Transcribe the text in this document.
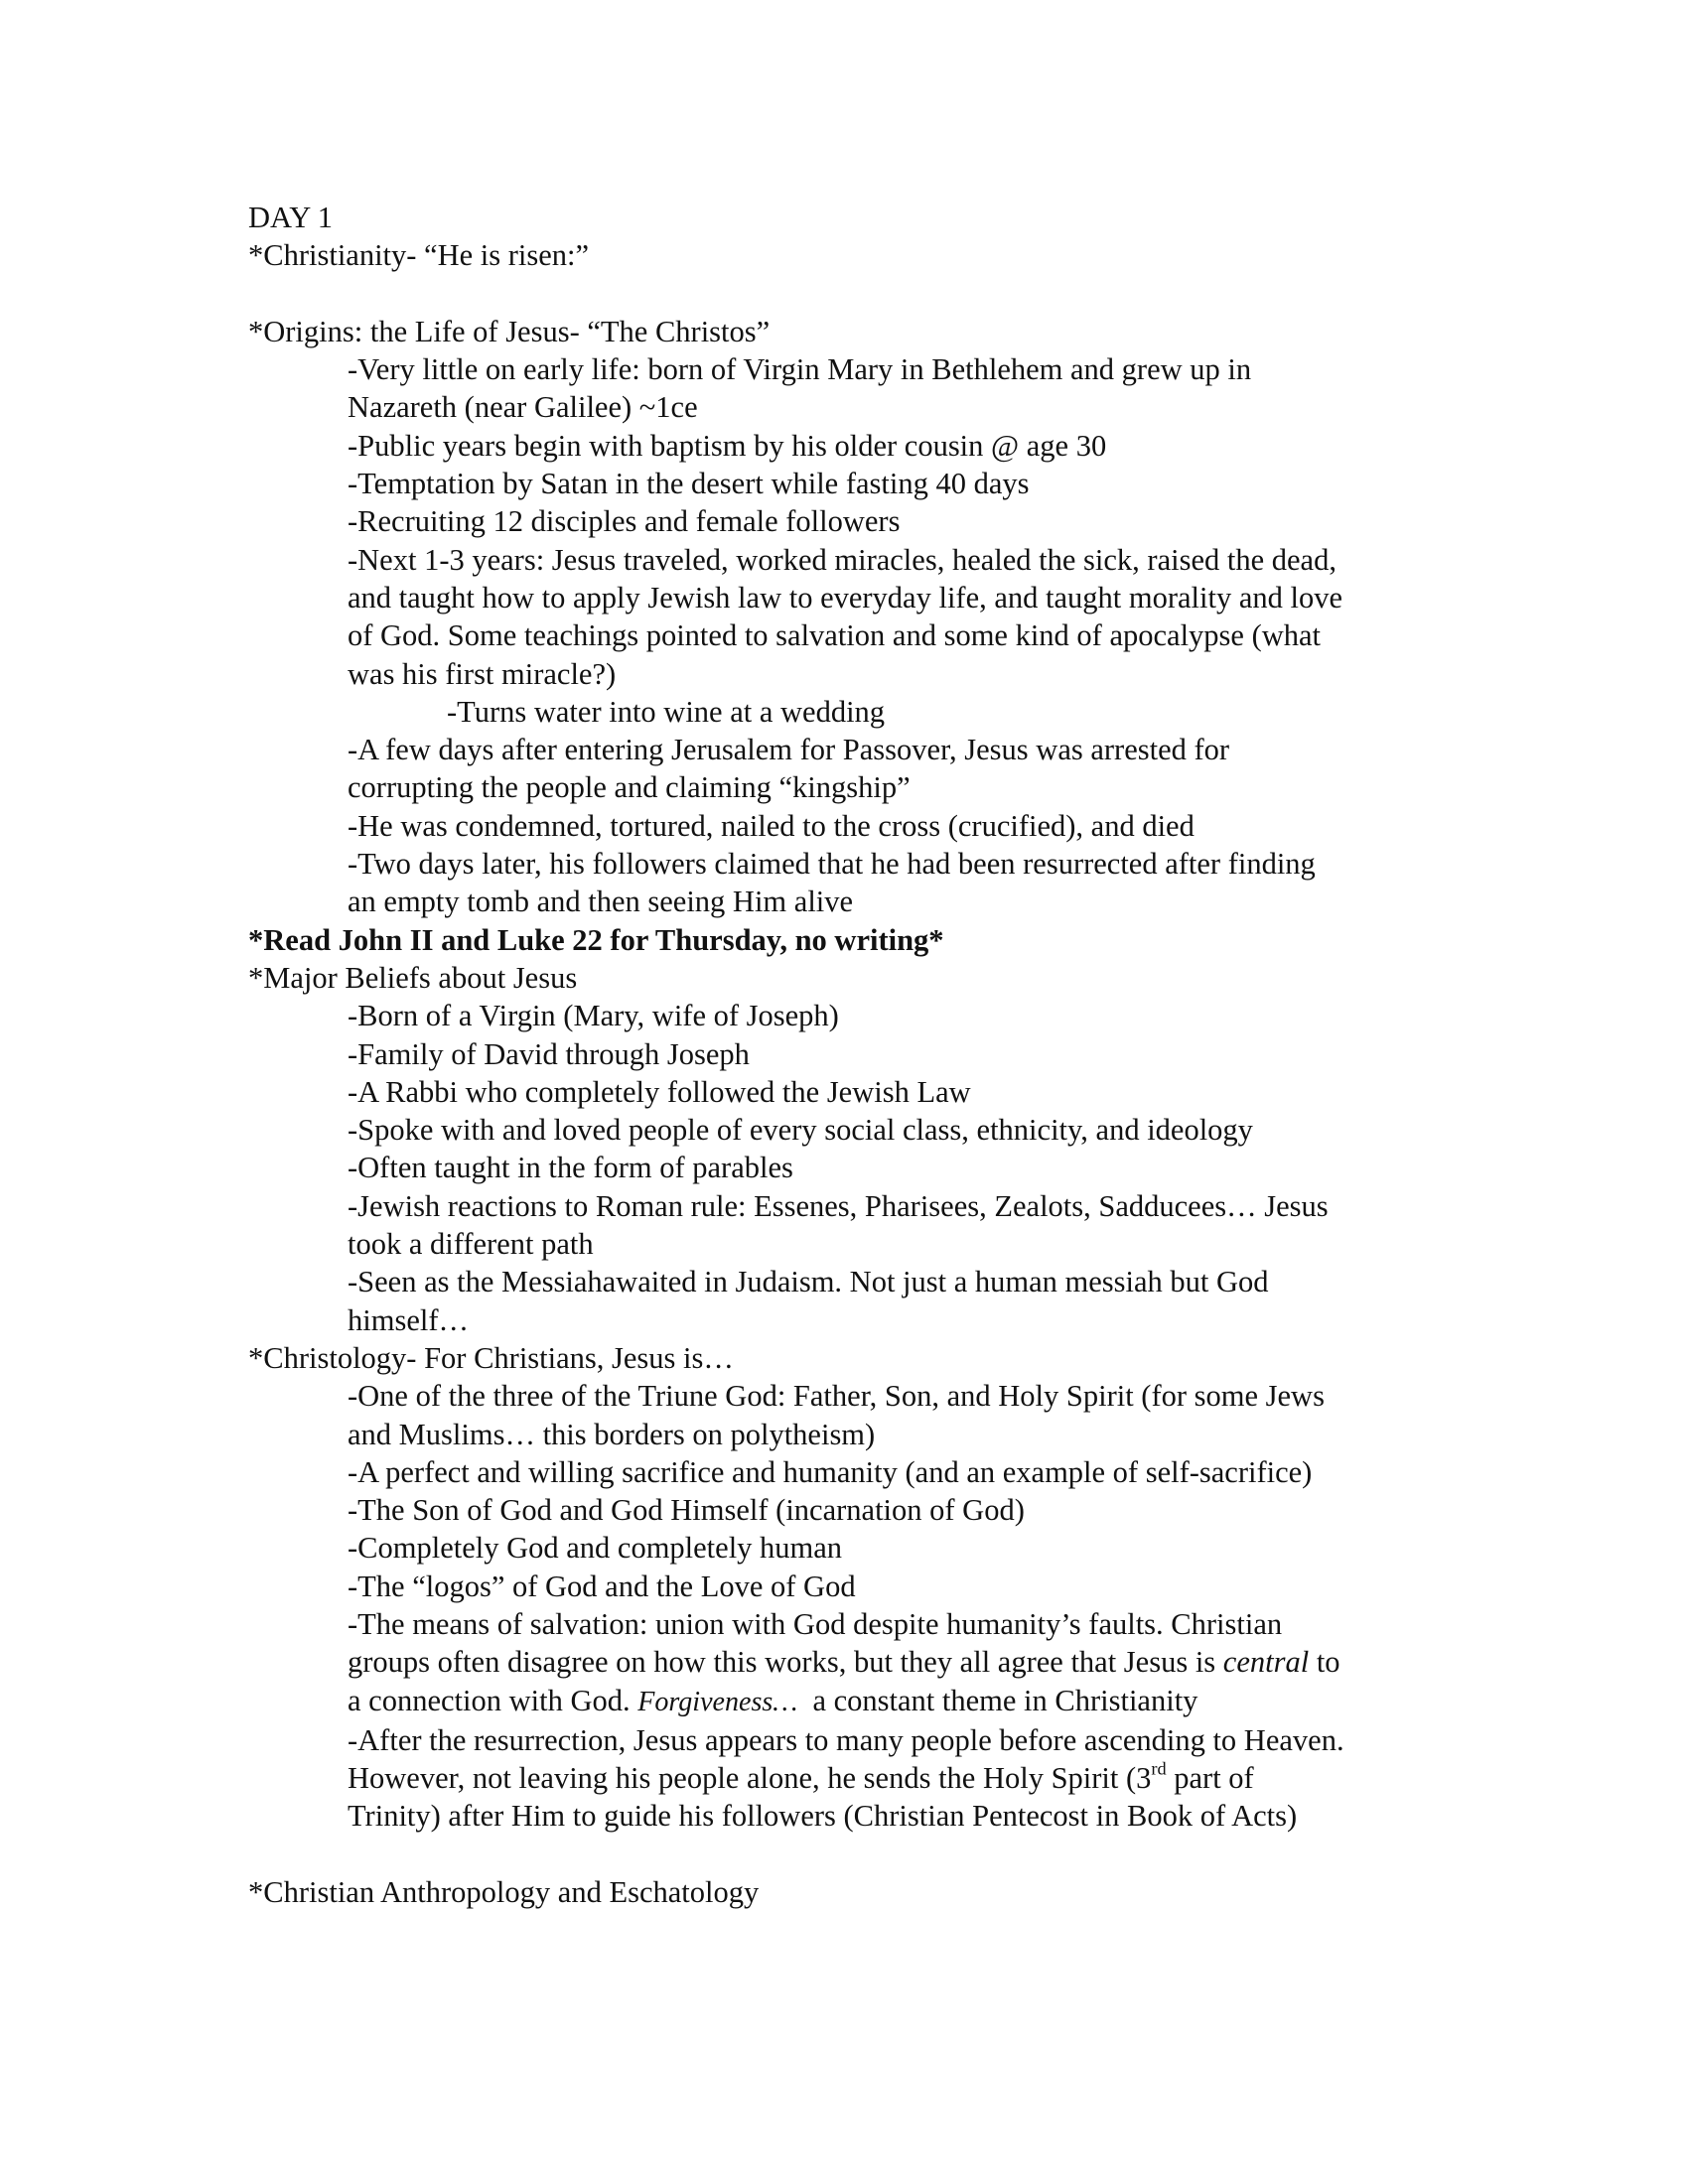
DAY 1
*Christianity- “He is risen:”
*Origins: the Life of Jesus- “The Christos”
-Very little on early life: born of Virgin Mary in Bethlehem and grew up in
Nazareth (near Galilee) ~1ce
-Public years begin with baptism by his older cousin @ age 30
-Temptation by Satan in the desert while fasting 40 days
-Recruiting 12 disciples and female followers
-Next 1-3 years: Jesus traveled, worked miracles, healed the sick, raised the dead,
and taught how to apply Jewish law to everyday life, and taught morality and love
of God. Some teachings pointed to salvation and some kind of apocalypse (what
was his first miracle?)
-Turns water into wine at a wedding
-A few days after entering Jerusalem for Passover, Jesus was arrested for
corrupting the people and claiming “kingship”
-He was condemned, tortured, nailed to the cross (crucified), and died
-Two days later, his followers claimed that he had been resurrected after finding
an empty tomb and then seeing Him alive
*Read John II and Luke 22 for Thursday, no writing*
*Major Beliefs about Jesus
-Born of a Virgin (Mary, wife of Joseph)
-Family of David through Joseph
-A Rabbi who completely followed the Jewish Law
-Spoke with and loved people of every social class, ethnicity, and ideology
-Often taught in the form of parables
-Jewish reactions to Roman rule: Essenes, Pharisees, Zealots, Sadducees… Jesus
took a different path
-Seen as the Messiahawaited in Judaism. Not just a human messiah but God
himself…
*Christology- For Christians, Jesus is…
-One of the three of the Triune God: Father, Son, and Holy Spirit (for some Jews
and Muslims… this borders on polytheism)
-A perfect and willing sacrifice and humanity (and an example of self-sacrifice)
-The Son of God and God Himself (incarnation of God)
-Completely God and completely human
-The “logos” of God and the Love of God
-The means of salvation: union with God despite humanity’s faults. Christian
groups often disagree on how this works, but they all agree that Jesus is central to
a connection with God. Forgiveness…  a constant theme in Christianity
-After the resurrection, Jesus appears to many people before ascending to Heaven.
However, not leaving his people alone, he sends the Holy Spirit (3rd part of
Trinity) after Him to guide his followers (Christian Pentecost in Book of Acts)
*Christian Anthropology and Eschatology
